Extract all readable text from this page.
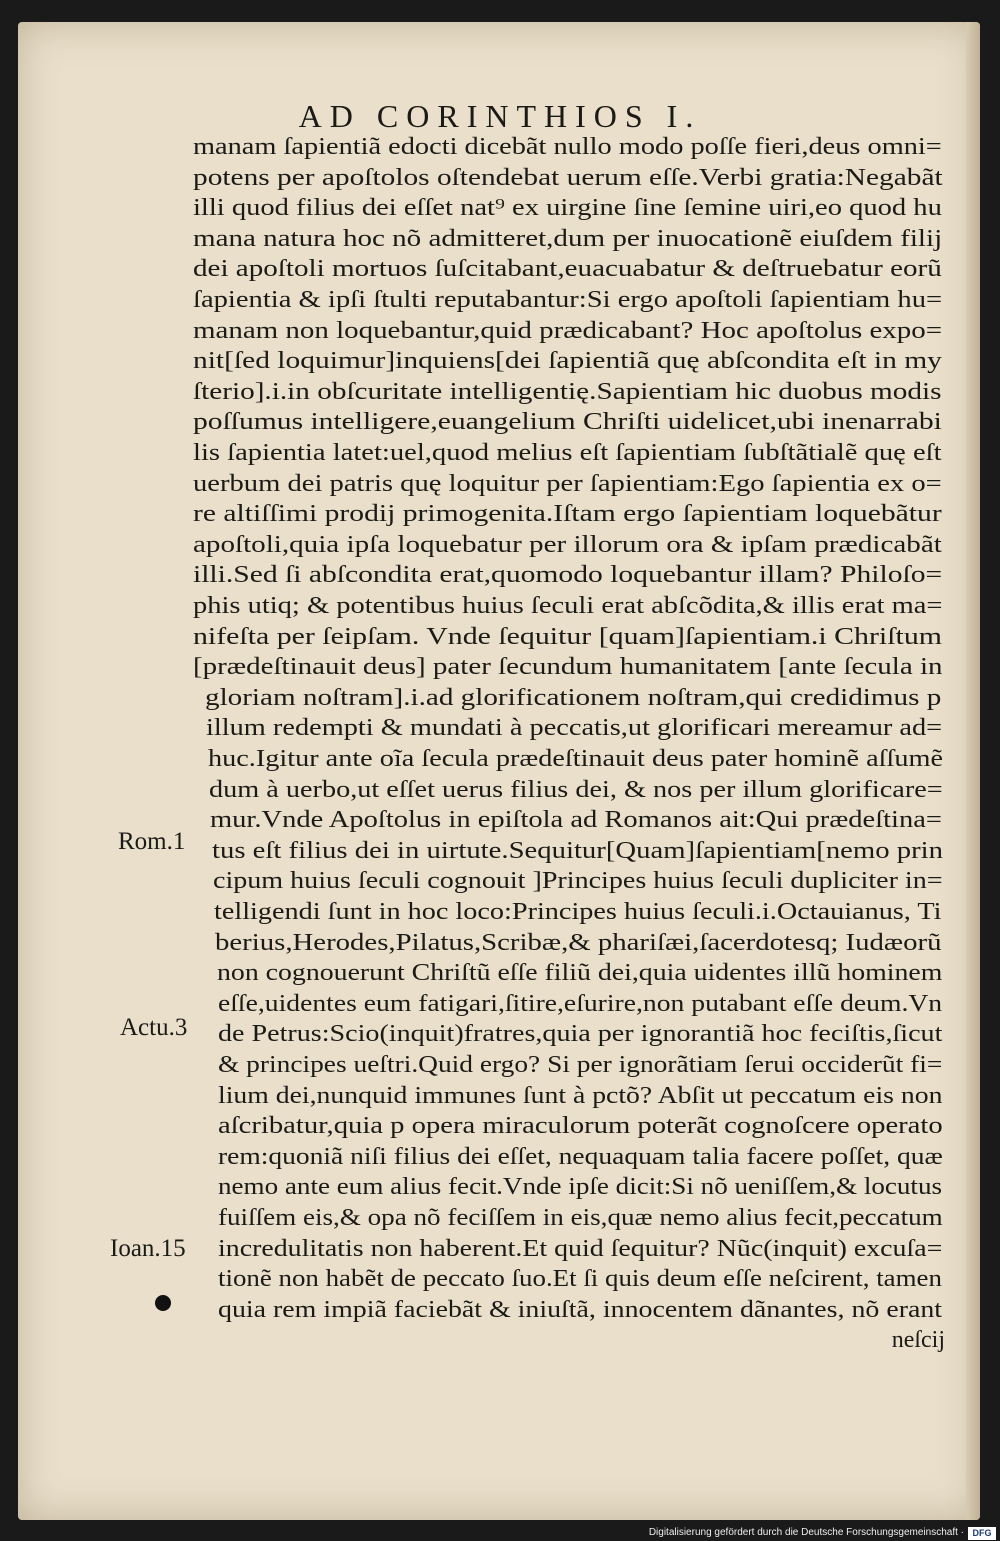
AD CORINTHIOS I.
manam ſapientiã edocti dicebãt nullo modo poſſe fieri,deus omni=
potens per apoſtolos oſtendebat uerum eſſe.Verbi gratia:Negabãt
illi quod filius dei eſſet nat⁹ ex uirgine ſine ſemine uiri,eo quod hu
mana natura hoc nõ admitteret,dum per inuocationẽ eiuſdem filij
dei apoſtoli mortuos ſuſcitabant,euacuabatur & deſtruebatur eorũ
ſapientia & ipſi ſtulti reputabantur:Si ergo apoſtoli ſapientiam hu=
manam non loquebantur,quid prædicabant? Hoc apoſtolus expo=
nit[ſed loquimur]inquiens[dei ſapientiã quę abſcondita eſt in my
ſterio].i.in obſcuritate intelligentię.Sapientiam hic duobus modis
poſſumus intelligere,euangelium Chriſti uidelicet,ubi inenarrabi
lis ſapientia latet:uel,quod melius eſt ſapientiam ſubſtãtialẽ quę eſt
uerbum dei patris quę loquitur per ſapientiam:Ego ſapientia ex o=
re altiſſimi prodij primogenita.Iſtam ergo ſapientiam loquebãtur
apoſtoli,quia ipſa loquebatur per illorum ora & ipſam prædicabãt
illi.Sed ſi abſcondita erat,quomodo loquebantur illam? Philoſo=
phis utiq; & potentibus huius ſeculi erat abſcõdita,& illis erat ma=
nifeſta per ſeipſam. Vnde ſequitur [quam]ſapientiam.i Chriſtum
[prædeſtinauit deus] pater ſecundum humanitatem [ante ſecula in
gloriam noſtram].i.ad glorificationem noſtram,qui credidimus p
illum redempti & mundati à peccatis,ut glorificari mereamur ad=
huc.Igitur ante oĩa ſecula prædeſtinauit deus pater hominẽ aſſumẽ
dum à uerbo,ut eſſet uerus filius dei, & nos per illum glorificare=
mur.Vnde Apoſtolus in epiſtola ad Romanos ait:Qui prædeſtina=
tus eſt filius dei in uirtute.Sequitur[Quam]ſapientiam[nemo prin
cipum huius ſeculi cognouit ]Principes huius ſeculi dupliciter in=
telligendi ſunt in hoc loco:Principes huius ſeculi.i.Octauianus, Ti
berius,Herodes,Pilatus,Scribæ,& phariſæi,ſacerdotesq; Iudæorũ
non cognouerunt Chriſtũ eſſe filiũ dei,quia uidentes illũ hominem
eſſe,uidentes eum fatigari,ſitire,eſurire,non putabant eſſe deum.Vn
de Petrus:Scio(inquit)fratres,quia per ignorantiã hoc feciſtis,ſicut
& principes ueſtri.Quid ergo? Si per ignorãtiam ſerui occiderũt fi=
lium dei,nunquid immunes ſunt à pctõ? Abſit ut peccatum eis non
aſcribatur,quia p opera miraculorum poterãt cognoſcere operato
rem:quoniã niſi filius dei eſſet, nequaquam talia facere poſſet, quæ
nemo ante eum alius fecit.Vnde ipſe dicit:Si nõ ueniſſem,& locutus
fuiſſem eis,& opa nõ feciſſem in eis,quæ nemo alius fecit,peccatum
incredulitatis non haberent.Et quid ſequitur? Nũc(inquit) excuſa=
tionẽ non habẽt de peccato ſuo.Et ſi quis deum eſſe neſcirent, tamen
quia rem impiã faciebãt & iniuſtã, innocentem dãnantes, nõ erant
neſcij
Rom.1
Actu.3
Ioan.15
Digitalisierung gefördert durch die Deutsche Forschungsgemeinschaft · DFG
